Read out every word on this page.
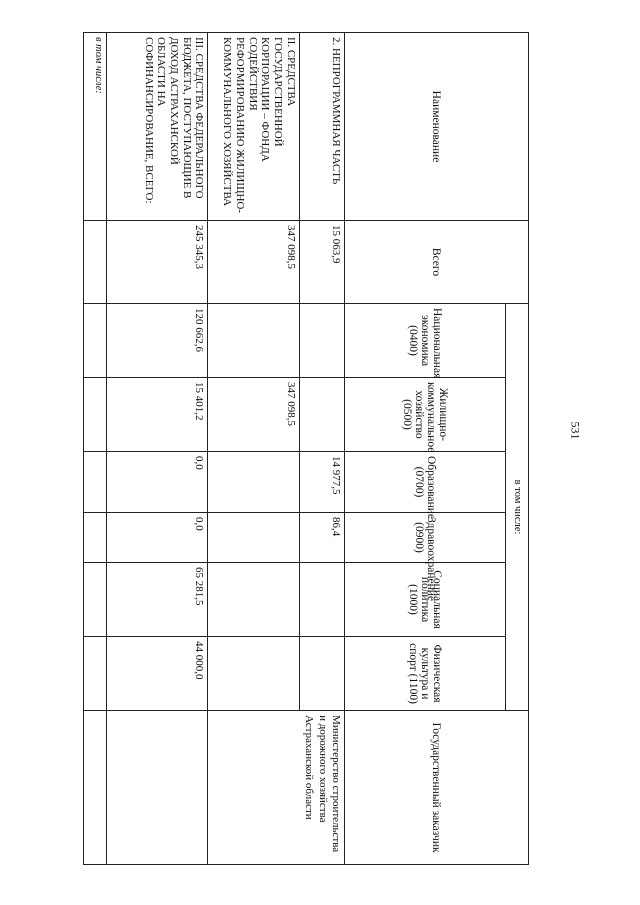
531
Наименование	Всего	в том числе:						Государственный заказчик
		Национальная экономика (0400)	Жилищно-коммунальное хозяйство (0500)	Образование (0700)	Здравоохранение (0900)	Социальная политика (1000)	Физическая культура и спорт (1100)	
2. НЕПРОГРАММНАЯ ЧАСТЬ	15 063,9			14 977,5	86,4			Министерство строительства и дорожного хозяйства Астраханской области
II. СРЕДСТВА ГОСУДАРСТВЕННОЙ КОРПОРАЦИИ – ФОНДА СОДЕЙСТВИЯ РЕФОРМИРОВАНИЮ ЖИЛИЩНО-КОММУНАЛЬНОГО ХОЗЯЙСТВА	347 098,5		347 098,5					
III. СРЕДСТВА ФЕДЕРАЛЬНОГО БЮДЖЕТА, ПОСТУПАЮЩИЕ В ДОХОД АСТРАХАНСКОЙ ОБЛАСТИ НА СОФИНАНСИРОВАНИЕ, ВСЕГО:	245 345,3	120 662,6	15 401,2	0,0	0,0	65 281,5	44 000,0	
в том числе:								
